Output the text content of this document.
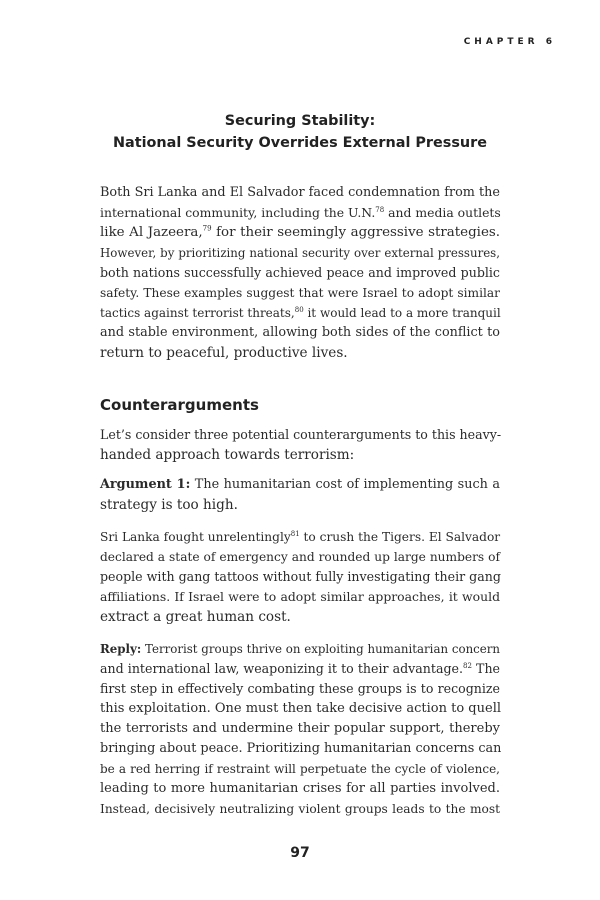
CHAPTER 6
Securing Stability:
National Security Overrides External Pressure
Both Sri Lanka and El Salvador faced condemnation from the
international community, including the U.N.$^{78}$ and media outlets
like Al Jazeera,$^{79}$ for their seemingly aggressive strategies.
However, by prioritizing national security over external pressures,
both nations successfully achieved peace and improved public
safety. These examples suggest that were Israel to adopt similar
tactics against terrorist threats,$^{80}$ it would lead to a more tranquil
and stable environment, allowing both sides of the conflict to
return to peaceful, productive lives.
Counterarguments
Let’s consider three potential counterarguments to this heavy-
handed approach towards terrorism:
Argument 1: The humanitarian cost of implementing such a
strategy is too high.
Sri Lanka fought unrelentingly$^{81}$ to crush the Tigers. El Salvador
declared a state of emergency and rounded up large numbers of
people with gang tattoos without fully investigating their gang
affiliations. If Israel were to adopt similar approaches, it would
extract a great human cost.
Reply: Terrorist groups thrive on exploiting humanitarian concern
and international law, weaponizing it to their advantage.$^{82}$ The
first step in effectively combating these groups is to recognize
this exploitation. One must then take decisive action to quell
the terrorists and undermine their popular support, thereby
bringing about peace. Prioritizing humanitarian concerns can
be a red herring if restraint will perpetuate the cycle of violence,
leading to more humanitarian crises for all parties involved.
Instead, decisively neutralizing violent groups leads to the most
97
